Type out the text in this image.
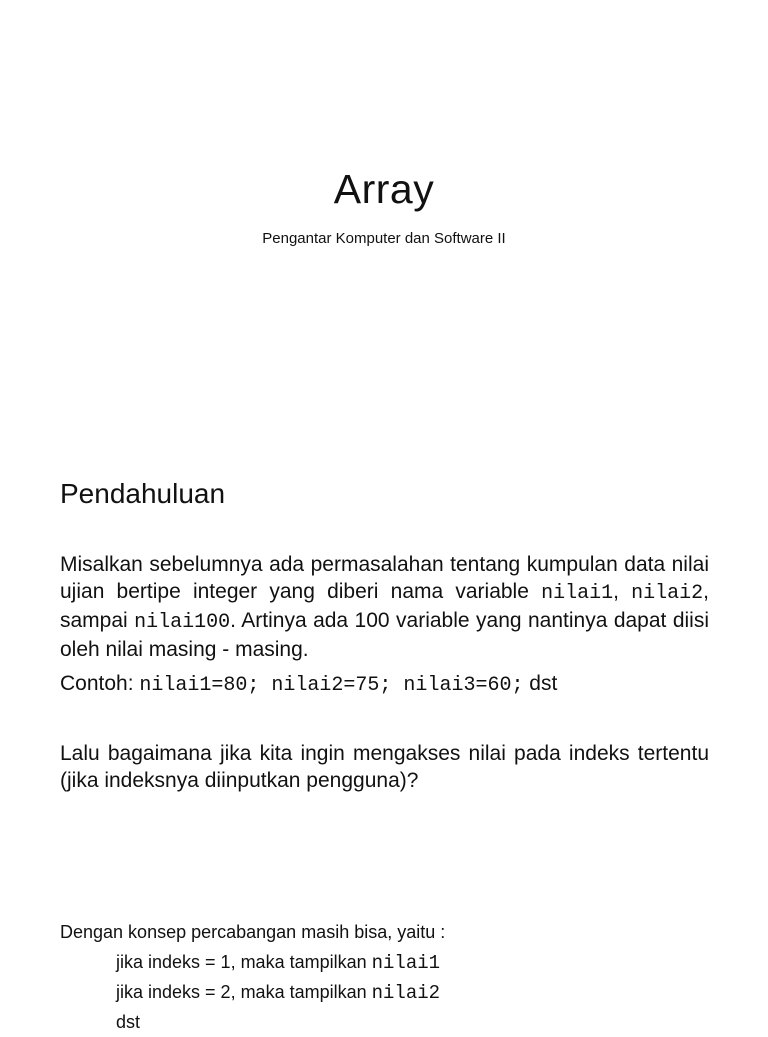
Array
Pengantar Komputer dan Software II
Pendahuluan
Misalkan sebelumnya ada permasalahan tentang kumpulan data nilai ujian bertipe integer yang diberi nama variable nilai1, nilai2, sampai nilai100. Artinya ada 100 variable yang nantinya dapat diisi oleh nilai masing - masing.
Contoh: nilai1=80; nilai2=75; nilai3=60; dst
Lalu bagaimana jika kita ingin mengakses nilai pada indeks tertentu (jika indeksnya diinputkan pengguna)?
Dengan konsep percabangan masih bisa, yaitu :
jika indeks = 1, maka tampilkan nilai1
jika indeks = 2, maka tampilkan nilai2
dst
